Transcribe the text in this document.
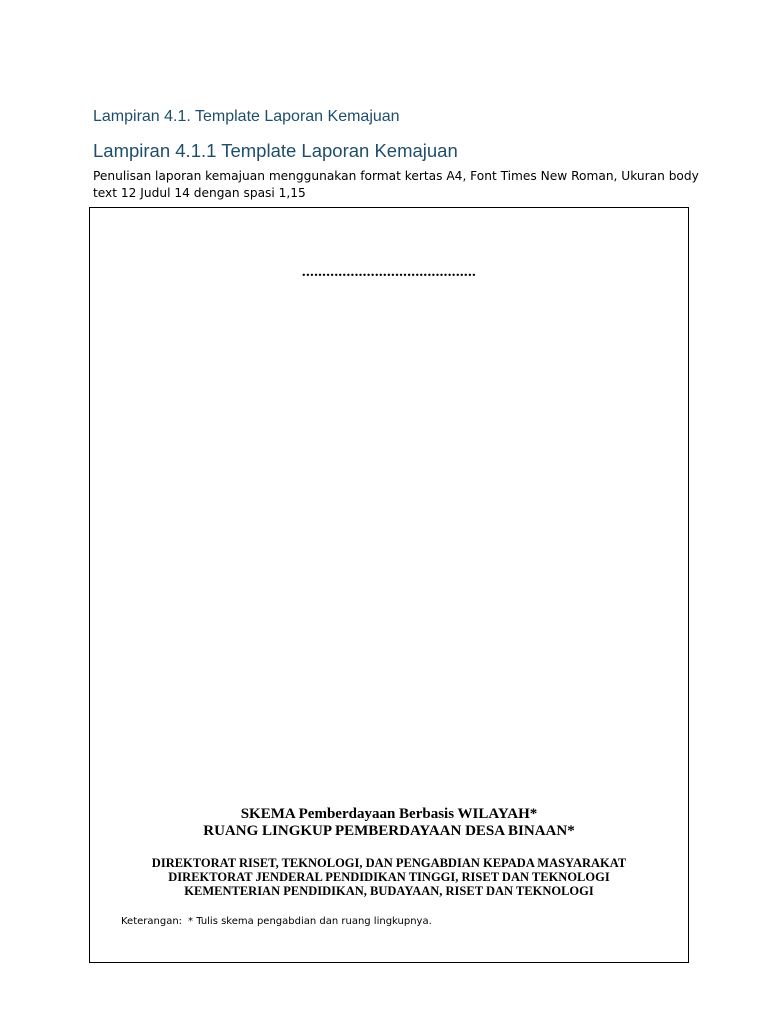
Lampiran 4.1. Template Laporan Kemajuan
Lampiran 4.1.1 Template Laporan Kemajuan
Penulisan laporan kemajuan menggunakan format kertas A4, Font Times New Roman, Ukuran body
text 12 Judul 14 dengan spasi 1,15
...........................................
SKEMA Pemberdayaan Berbasis WILAYAH*
RUANG LINGKUP PEMBERDAYAAN DESA BINAAN*
DIREKTORAT RISET, TEKNOLOGI, DAN PENGABDIAN KEPADA MASYARAKAT
DIREKTORAT JENDERAL PENDIDIKAN TINGGI, RISET DAN TEKNOLOGI
KEMENTERIAN PENDIDIKAN, BUDAYAAN, RISET DAN TEKNOLOGI
Keterangan: * Tulis skema pengabdian dan ruang lingkupnya.
